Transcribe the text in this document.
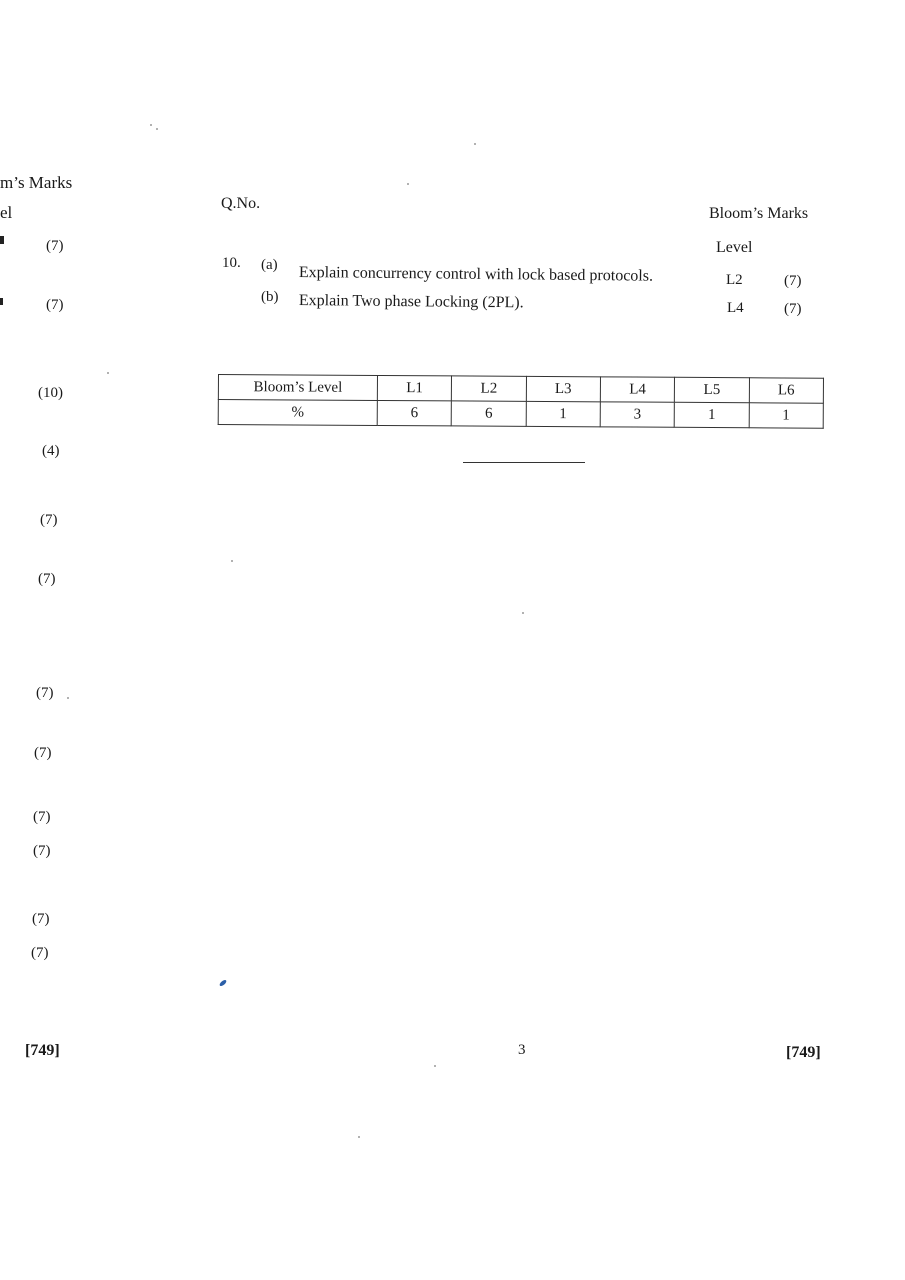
m’s Marks
el
(7)
(7)
(10)
(4)
(7)
(7)
(7)
(7)
(7)
(7)
(7)
(7)
Q.No.
Bloom’s Marks
Level
10. (a) Explain concurrency control with lock based protocols.	L2	(7)
(b) Explain Two phase Locking (2PL).	L4	(7)
Bloom’s Level	L1	L2	L3	L4	L5	L6
%	6	6	1	3	1	1
[749]	3	[749]
